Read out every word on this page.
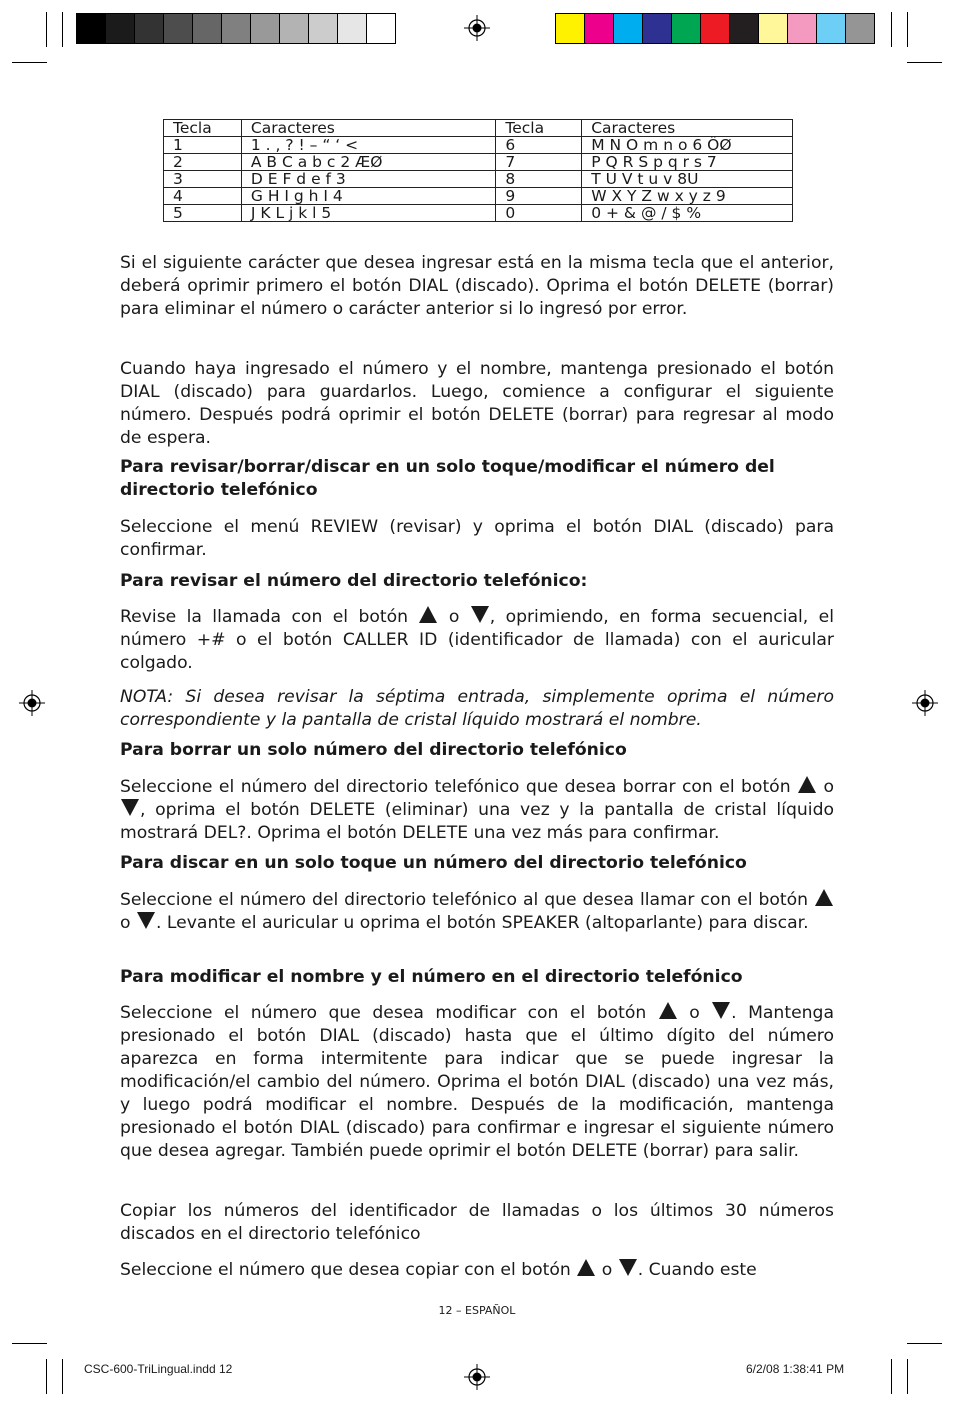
Tecla	Caracteres	Tecla	Caracteres
1	1 . , ? ! – “ ‘ <	6	M N O m n o 6 ÖØ
2	A B C a b c 2 ÆØ	7	P Q R S p q r s 7
3	D E F d e f 3	8	T U V t u v 8U
4	G H I g h I 4	9	W X Y Z w x y z 9
5	J K L j k l 5	0	0 + & @ / $ %

Si el siguiente carácter que desea ingresar está en la misma tecla que el anterior, deberá oprimir primero el botón DIAL (discado). Oprima el botón DELETE (borrar) para eliminar el número o carácter anterior si lo ingresó por error.

Cuando haya ingresado el número y el nombre, mantenga presionado el botón DIAL (discado) para guardarlos. Luego, comience a configurar el siguiente número. Después podrá oprimir el botón DELETE (borrar) para regresar al modo de espera.

Para revisar/borrar/discar en un solo toque/modificar el número del directorio telefónico

Seleccione el menú REVIEW (revisar) y oprima el botón DIAL (discado) para confirmar.

Para revisar el número del directorio telefónico:

Revise la llamada con el botón o , oprimiendo, en forma secuencial, el número +# o el botón CALLER ID (identificador de llamada) con el auricular colgado.

NOTA: Si desea revisar la séptima entrada, simplemente oprima el número correspondiente y la pantalla de cristal líquido mostrará el nombre.

Para borrar un solo número del directorio telefónico

Seleccione el número del directorio telefónico que desea borrar con el botón o , oprima el botón DELETE (eliminar) una vez y la pantalla de cristal líquido mostrará DEL?. Oprima el botón DELETE una vez más para confirmar.

Para discar en un solo toque un número del directorio telefónico

Seleccione el número del directorio telefónico al que desea llamar con el botón  o . Levante el auricular u oprima el botón SPEAKER (altoparlante) para discar.

Para modificar el nombre y el número en el directorio telefónico

Seleccione el número que desea modificar con el botón o . Mantenga presionado el botón DIAL (discado) hasta que el último dígito del número aparezca en forma intermitente para indicar que se puede ingresar la modificación/el cambio del número. Oprima el botón DIAL (discado) una vez más, y luego podrá modificar el nombre. Después de la modificación, mantenga presionado el botón DIAL (discado) para confirmar e ingresar el siguiente número que desea agregar. También puede oprimir el botón DELETE (borrar) para salir.

Copiar los números del identificador de llamadas o los últimos 30 números discados en el directorio telefónico

Seleccione el número que desea copiar con el botón o . Cuando este

12 – ESPAÑOL
CSC-600-TriLingual.indd 12	6/2/08 1:38:41 PM
